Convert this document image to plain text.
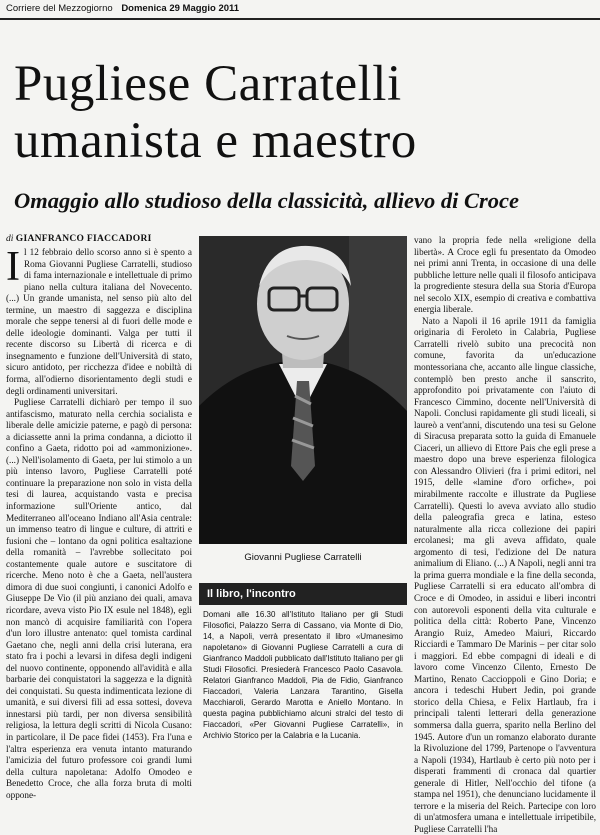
Corriere del Mezzogiorno Domenica 29 Maggio 2011
Pugliese Carratelli
umanista e maestro
Omaggio allo studioso della classicità, allievo di Croce
di GIANFRANCO FIACCADORI

Il 12 febbraio dello scorso anno si è spento a Roma Giovanni Pugliese Carratelli, studioso di fama internazionale e intellettuale di primo piano nella cultura italiana del Novecento. (...) Un grande umanista, nel senso più alto del termine, un maestro di saggezza e disciplina morale che seppe tenersi al di fuori delle mode e delle ideologie dominanti. Valga per tutti il recente discorso su Libertà di ricerca e di insegnamento e funzione dell'Università di stato, sicuro antidoto, per ricchezza d'idee e nobiltà di forma, all'odierno disorientamento degli studi e degli ordinamenti universitari.

Pugliese Carratelli dichiarò per tempo il suo antifascismo, maturato nella cerchia socialista e liberale delle amicizie paterne, e pagò di persona: a diciassette anni la prima condanna, a diciotto il confino a Gaeta, ridotto poi ad «ammonizione». (...) Nell'isolamento di Gaeta, per lui stimolo a un più intenso lavoro, Pugliese Carratelli poté continuare la preparazione non solo in vista della tesi di laurea, acquistando vasta e precisa informazione sull'Oriente antico, dal Mediterraneo all'oceano Indiano all'Asia centrale: un immenso teatro di lingue e culture, di attriti e fusioni che – lontano da ogni politica esaltazione della romanità – l'avrebbe sollecitato poi costantemente quale autore e suscitatore di ricerche. Meno noto è che a Gaeta, nell'austera dimora di due suoi congiunti, i canonici Adolfo e Giuseppe De Vio (il più anziano dei quali, amava ricordare, aveva visto Pio IX esule nel 1848), egli non mancò di acquisire familiarità con l'opera d'un loro illustre antenato: quel tomista cardinal Gaetano che, negli anni della crisi luterana, era stato fra i pochi a levarsi in difesa degli indigeni del nuovo continente, opponendo all'avidità e alla barbarie dei conquistatori la saggezza e la dignità dei conquistati. Su questa indimenticata lezione di umanità, e sui diversi fili ad essa sottesi, doveva innestarsi più tardi, per non diversa sensibilità religiosa, la lettura degli scritti di Nicola Cusano: in particolare, il De pace fidei (1453). Fra l'una e l'altra esperienza era venuta intanto maturando l'amicizia del futuro professore coi grandi lumi della cultura napoletana: Adolfo Omodeo e Benedetto Croce, che alla forza bruta di molti oppone-

Giovanni Pugliese Carratelli
Il libro, l'incontro
Domani alle 16.30 all'Istituto Italiano per gli Studi Filosofici, Palazzo Serra di Cassano, via Monte di Dio, 14, a Napoli, verrà presentato il libro «Umanesimo napoletano» di Giovanni Pugliese Carratelli a cura di Gianfranco Maddoli pubblicato dall'Istituto Italiano per gli Studi Filosofici. Presiederà Francesco Paolo Casavola. Relatori Gianfranco Maddoli, Pia de Fidio, Gianfranco Fiaccadori, Valeria Lanzara Tarantino, Gisella Macchiaroli, Gerardo Marotta e Aniello Montano. In questa pagina pubblichiamo alcuni stralci del testo di Fiaccadori, «Per Giovanni Pugliese Carratelli», in Archivio Storico per la Calabria e la Lucania.

vano la propria fede nella «religione della libertà». A Croce egli fu presentato da Omodeo nei primi anni Trenta, in occasione di una delle pubbliche letture nelle quali il filosofo anticipava la progrediente stesura della sua Storia d'Europa nel secolo XIX, esempio di creativa e combattiva energia liberale.

Nato a Napoli il 16 aprile 1911 da famiglia originaria di Feroleto in Calabria, Pugliese Carratelli rivelò subito una precocità non comune, favorita da un'educazione montessoriana che, accanto alle lingue classiche, contemplò ben presto anche il sanscrito, approfondito poi privatamente con l'aiuto di Francesco Cimmino, docente nell'Università di Napoli. Conclusi rapidamente gli studi liceali, si laureò a vent'anni, discutendo una tesi su Gelone di Siracusa preparata sotto la guida di Emanuele Ciaceri, un allievo di Ettore Pais che egli prese a maestro dopo una breve esperienza filologica con Alessandro Olivieri (fra i primi editori, nel 1915, delle «lamine d'oro orfiche», poi mirabilmente raccolte e illustrate da Pugliese Carratelli). Questi lo aveva avviato allo studio della paleografia greca e latina, esteso naturalmente alla ricca collezione dei papiri ercolanesi; ma gli aveva affidato, quale argomento di tesi, l'edizione del De natura animalium di Eliano. (...) A Napoli, negli anni tra la prima guerra mondiale e la fine della seconda, Pugliese Carratelli si era educato all'ombra di Croce e di Omodeo, in assidui e liberi incontri con autorevoli esponenti della vita culturale e politica della città: Roberto Pane, Vincenzo Arangio Ruiz, Amedeo Maiuri, Riccardo Ricciardi e Tammaro De Marinis – per citar solo i maggiori. Ed ebbe compagni di ideali e di lavoro come Vincenzo Cilento, Ernesto De Martino, Renato Caccioppoli e Gino Doria; e ancora i tedeschi Hubert Jedin, poi grande storico della Chiesa, e Felix Hartlaub, fra i principali talenti letterari della generazione sommersa dalla guerra, sparito nella Berlino del 1945. Autore d'un un romanzo elaborato durante la Rivoluzione del 1799, Partenope o l'avventura a Napoli (1934), Hartlaub è certo più noto per i disperati frammenti di cronaca dal quartier generale di Hitler, Nell'occhio del tifone (a stampa nel 1951), che denunciano lucidamente il terrore e la miseria del Reich. Partecipe con loro di un'atmosfera umana e intellettuale irripetibile, Pugliese Carratelli l'ha
